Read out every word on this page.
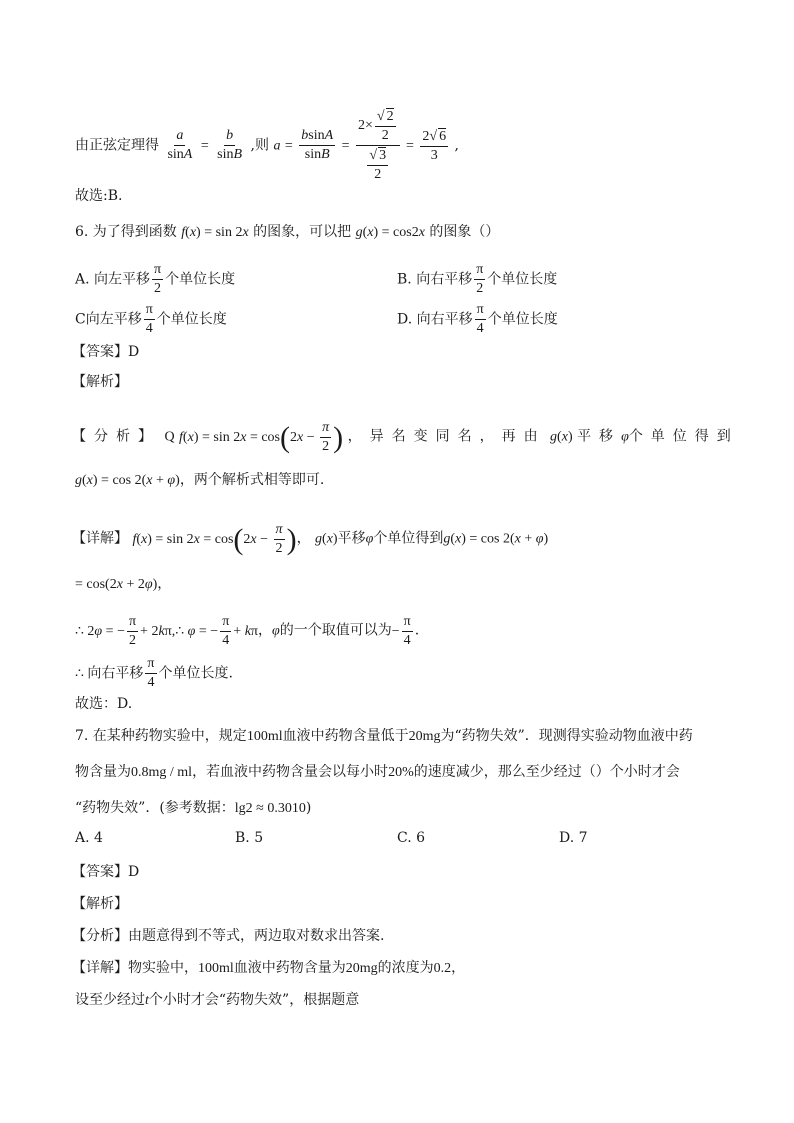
由正弦定理得 $\frac{a}{\sin A} = \frac{b}{\sin B}$ ,则 $a = \frac{bsinA}{\sin B} = \frac{2\times \frac{√ 2}{2}}{\frac{√ 3}{2}} = \frac{2√ 6}{3}$ ,
故选:B.
6. 为了得到函数 f(x) = sin 2x 的图象，可以把 g(x) = cos2x 的图象（）
A. 向左平移 $\frac{\pi}{2}$ 个单位长度	B. 向右平移 $\frac{\pi}{2}$ 个单位长度
C向左平移 $\frac{\pi}{4}$ 个单位长度	D. 向右平移 $\frac{\pi}{4}$ 个单位长度
【答案】D
【解析】
【分析】 Q $f(x) = \sin 2x = \cos(2x - \frac{\pi}{2}$ ) ，异名变同名，再由 g(x) 平移φ个单位得到
g(x) = cos 2(x + φ)，两个解析式相等即可.
【详解】 $f(x) = \sin 2x = \cos(2x - \frac{\pi}{2}$ )， g(x)平移φ个单位得到g(x) = cos 2(x + φ)
= cos(2x + 2φ)，
∴ 2φ = − $\frac{\pi}{2}$ + 2kπ,∴ φ = − $\frac{\pi}{4} + k\pi$，φ的一个取值可以为− $\frac{\pi}{4}$ .
∴ 向右平移 $\frac{\pi}{4}$ 个单位长度.
故选：D.
7. 在某种药物实验中，规定100ml血液中药物含量低于20mg为“药物失效”．现测得实验动物血液中药
物含量为0.8mg / ml，若血液中药物含量会以每小时20%的速度减少，那么至少经过（）个小时才会
“药物失效”．(参考数据：lg2 ≈ 0.3010)
A. 4	B. 5	C. 6	D. 7
【答案】D
【解析】
【分析】由题意得到不等式，两边取对数求出答案.
【详解】物实验中，100ml血液中药物含量为20mg的浓度为0.2，
设至少经过t个小时才会“药物失效”，根据题意
